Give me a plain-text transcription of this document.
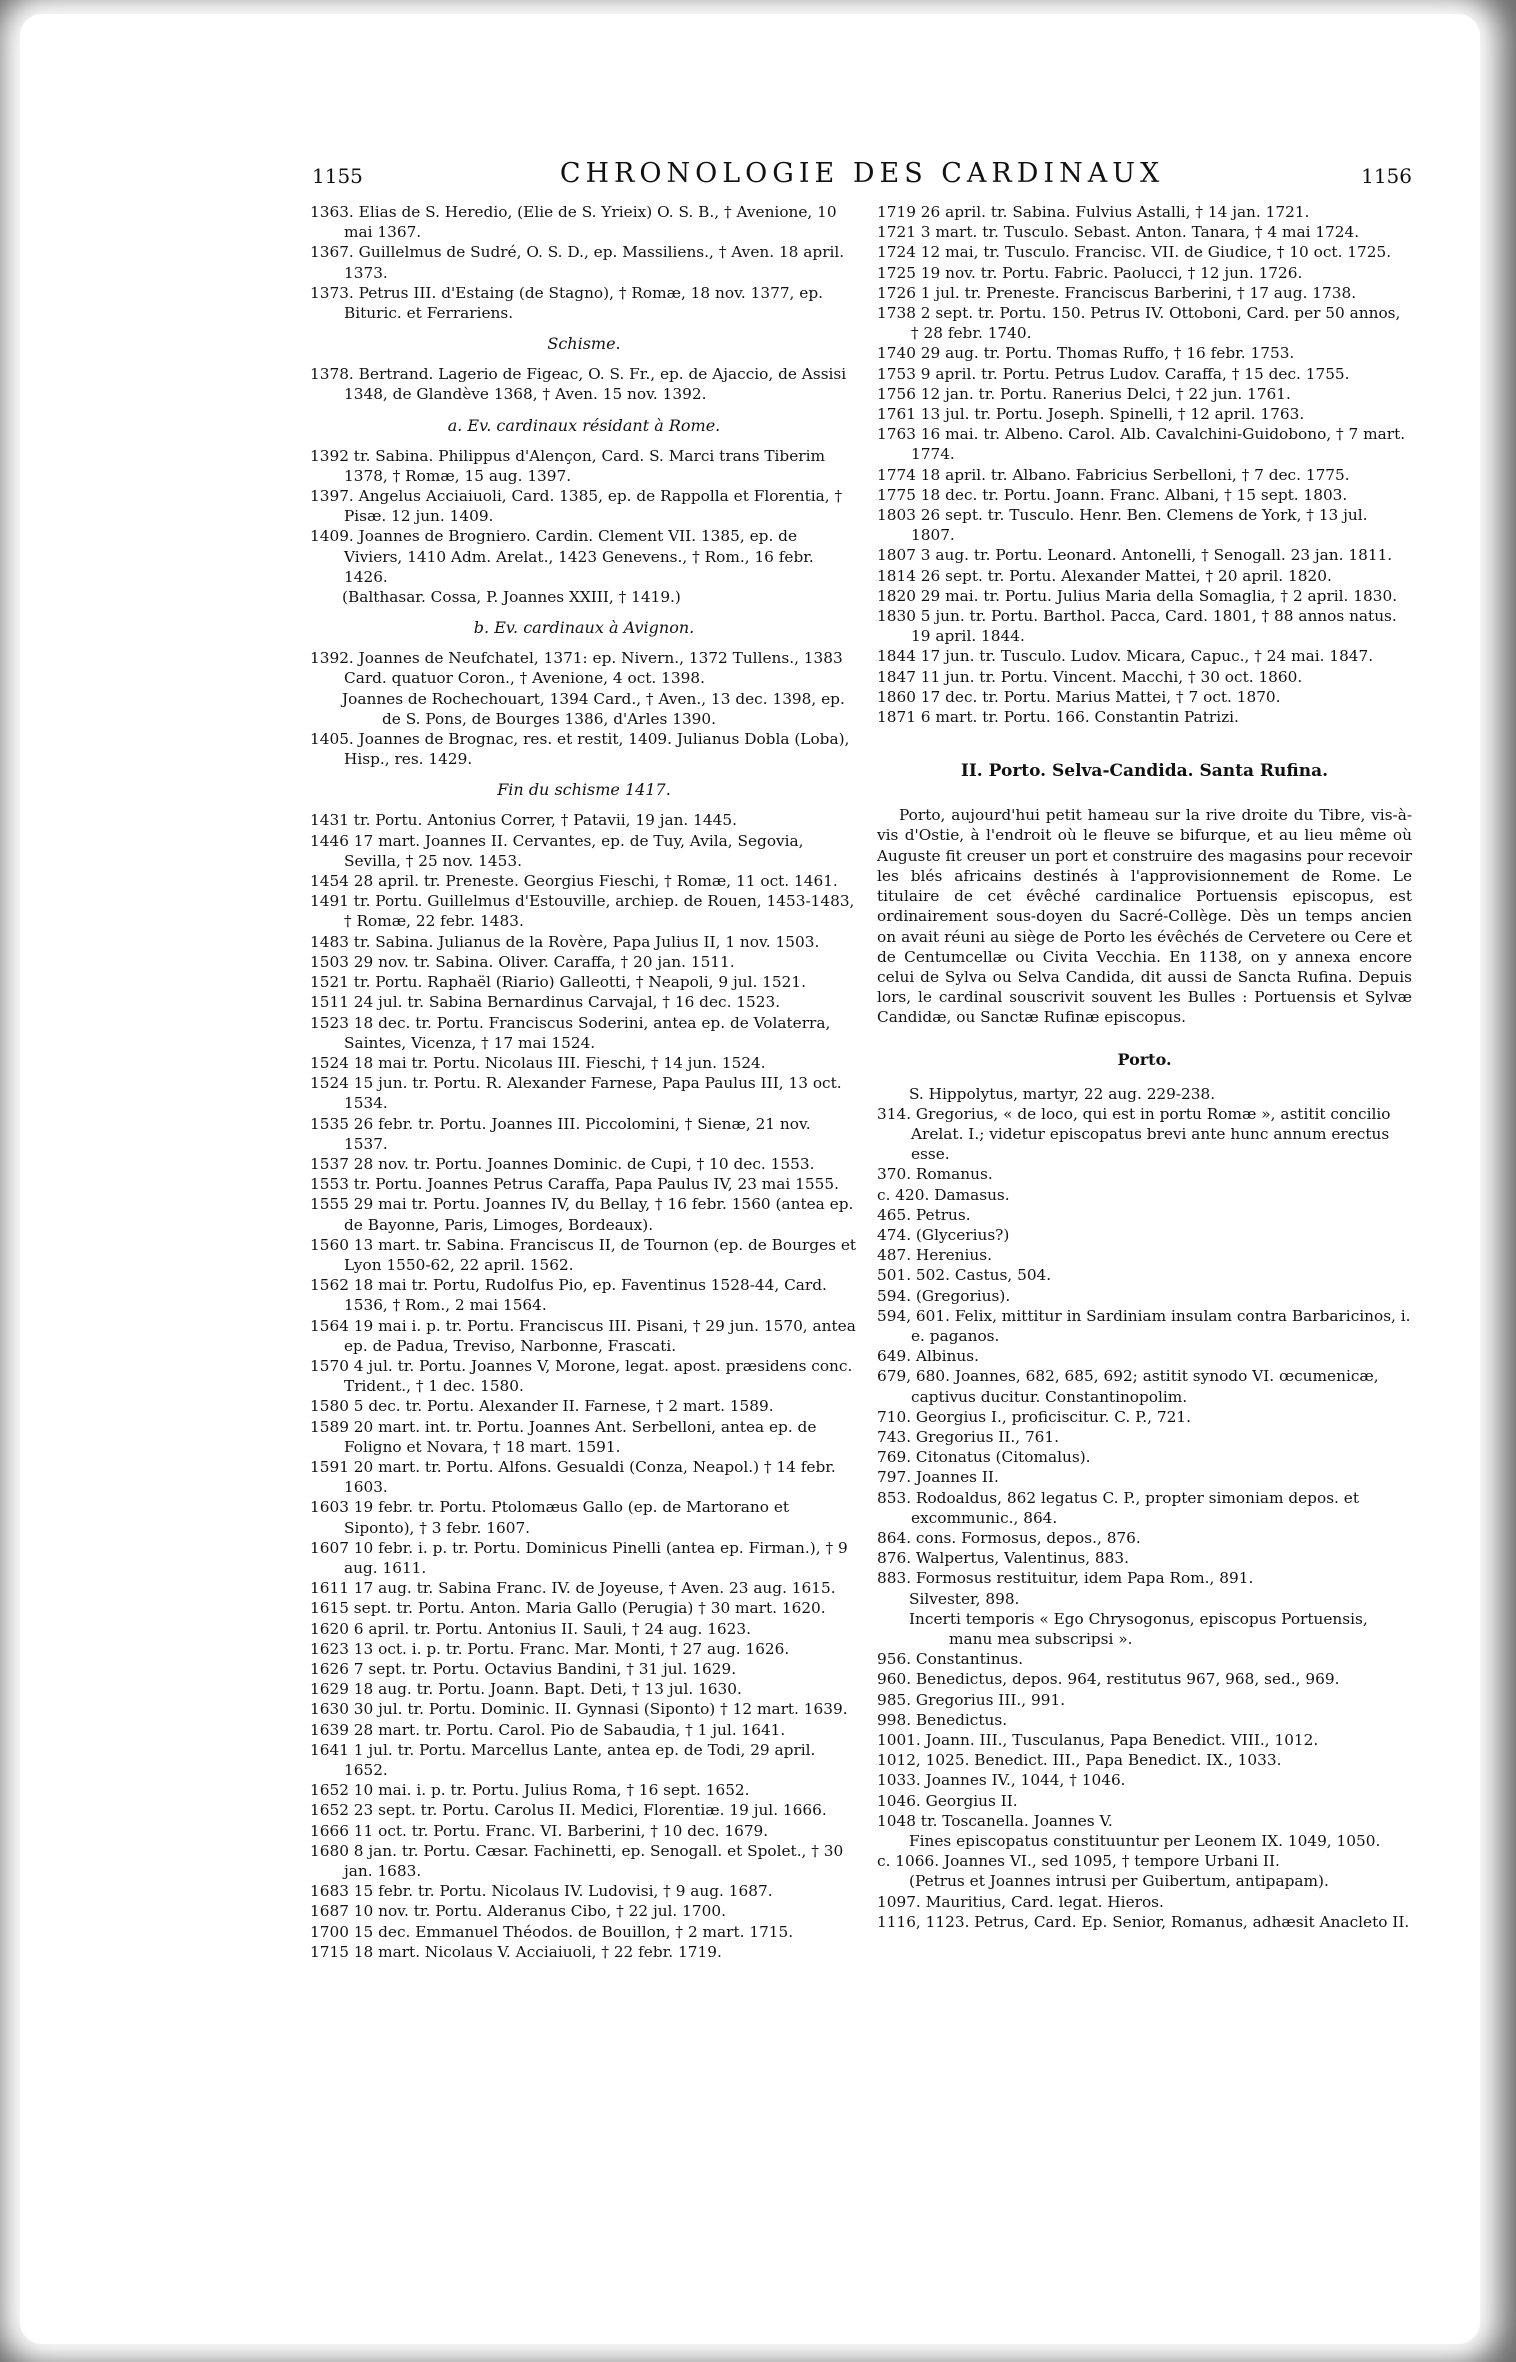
1155	CHRONOLOGIE DES CARDINAUX	1156

1363. Elias de S. Heredio, (Elie de S. Yrieix) O. S. B., † Avenione, 10 mai 1367.

1367. Guillelmus de Sudré, O. S. D., ep. Massiliens., † Aven. 18 april. 1373.

1373. Petrus III. d'Estaing (de Stagno), † Romæ, 18 nov. 1377, ep. Bituric. et Ferrariens.

Schisme.

1378. Bertrand. Lagerio de Figeac, O. S. Fr., ep. de Ajaccio, de Assisi 1348, de Glandève 1368, † Aven. 15 nov. 1392.

a. Ev. cardinaux résidant à Rome.

1392 tr. Sabina. Philippus d'Alençon, Card. S. Marci trans Tiberim 1378, † Romæ, 15 aug. 1397.

1397. Angelus Acciaiuoli, Card. 1385, ep. de Rappolla et Florentia, † Pisæ. 12 jun. 1409.

1409. Joannes de Brogniero. Cardin. Clement VII. 1385, ep. de Viviers, 1410 Adm. Arelat., 1423 Genevens., † Rom., 16 febr. 1426.

(Balthasar. Cossa, P. Joannes XXIII, † 1419.)

b. Ev. cardinaux à Avignon.

1392. Joannes de Neufchatel, 1371: ep. Nivern., 1372 Tullens., 1383 Card. quatuor Coron., † Avenione, 4 oct. 1398.

Joannes de Rochechouart, 1394 Card., † Aven., 13 dec. 1398, ep. de S. Pons, de Bourges 1386, d'Arles 1390.

1405. Joannes de Brognac, res. et restit, 1409. Julianus Dobla (Loba), Hisp., res. 1429.

Fin du schisme 1417.

1431 tr. Portu. Antonius Correr, † Patavii, 19 jan. 1445.

1446 17 mart. Joannes II. Cervantes, ep. de Tuy, Avila, Segovia, Sevilla, † 25 nov. 1453.

1454 28 april. tr. Preneste. Georgius Fieschi, † Romæ, 11 oct. 1461.

1491 tr. Portu. Guillelmus d'Estouville, archiep. de Rouen, 1453-1483, † Romæ, 22 febr. 1483.

1483 tr. Sabina. Julianus de la Rovère, Papa Julius II, 1 nov. 1503.

1503 29 nov. tr. Sabina. Oliver. Caraffa, † 20 jan. 1511.

1521 tr. Portu. Raphaël (Riario) Galleotti, † Neapoli, 9 jul. 1521.

1511 24 jul. tr. Sabina Bernardinus Carvajal, † 16 dec. 1523.

1523 18 dec. tr. Portu. Franciscus Soderini, antea ep. de Volaterra, Saintes, Vicenza, † 17 mai 1524.

1524 18 mai tr. Portu. Nicolaus III. Fieschi, † 14 jun. 1524.

1524 15 jun. tr. Portu. R. Alexander Farnese, Papa Paulus III, 13 oct. 1534.

1535 26 febr. tr. Portu. Joannes III. Piccolomini, † Sienæ, 21 nov. 1537.

1537 28 nov. tr. Portu. Joannes Dominic. de Cupi, † 10 dec. 1553.

1553 tr. Portu. Joannes Petrus Caraffa, Papa Paulus IV, 23 mai 1555.

1555 29 mai tr. Portu. Joannes IV, du Bellay, † 16 febr. 1560 (antea ep. de Bayonne, Paris, Limoges, Bordeaux).

1560 13 mart. tr. Sabina. Franciscus II, de Tournon (ep. de Bourges et Lyon 1550-62, 22 april. 1562.

1562 18 mai tr. Portu, Rudolfus Pio, ep. Faventinus 1528-44, Card. 1536, † Rom., 2 mai 1564.

1564 19 mai i. p. tr. Portu. Franciscus III. Pisani, † 29 jun. 1570, antea ep. de Padua, Treviso, Narbonne, Frascati.

1570 4 jul. tr. Portu. Joannes V, Morone, legat. apost. præsidens conc. Trident., † 1 dec. 1580.

1580 5 dec. tr. Portu. Alexander II. Farnese, † 2 mart. 1589.

1589 20 mart. int. tr. Portu. Joannes Ant. Serbelloni, antea ep. de Foligno et Novara, † 18 mart. 1591.

1591 20 mart. tr. Portu. Alfons. Gesualdi (Conza, Neapol.) † 14 febr. 1603.

1603 19 febr. tr. Portu. Ptolomæus Gallo (ep. de Martorano et Siponto), † 3 febr. 1607.

1607 10 febr. i. p. tr. Portu. Dominicus Pinelli (antea ep. Firman.), † 9 aug. 1611.

1611 17 aug. tr. Sabina Franc. IV. de Joyeuse, † Aven. 23 aug. 1615.

1615 sept. tr. Portu. Anton. Maria Gallo (Perugia) † 30 mart. 1620.

1620 6 april. tr. Portu. Antonius II. Sauli, † 24 aug. 1623.

1623 13 oct. i. p. tr. Portu. Franc. Mar. Monti, † 27 aug. 1626.

1626 7 sept. tr. Portu. Octavius Bandini, † 31 jul. 1629.

1629 18 aug. tr. Portu. Joann. Bapt. Deti, † 13 jul. 1630.

1630 30 jul. tr. Portu. Dominic. II. Gynnasi (Siponto) † 12 mart. 1639.

1639 28 mart. tr. Portu. Carol. Pio de Sabaudia, † 1 jul. 1641.

1641 1 jul. tr. Portu. Marcellus Lante, antea ep. de Todi, 29 april. 1652.

1652 10 mai. i. p. tr. Portu. Julius Roma, † 16 sept. 1652.

1652 23 sept. tr. Portu. Carolus II. Medici, Florentiæ. 19 jul. 1666.

1666 11 oct. tr. Portu. Franc. VI. Barberini, † 10 dec. 1679.

1680 8 jan. tr. Portu. Cæsar. Fachinetti, ep. Senogall. et Spolet., † 30 jan. 1683.

1683 15 febr. tr. Portu. Nicolaus IV. Ludovisi, † 9 aug. 1687.

1687 10 nov. tr. Portu. Alderanus Cibo, † 22 jul. 1700.

1700 15 dec. Emmanuel Théodos. de Bouillon, † 2 mart. 1715.

1715 18 mart. Nicolaus V. Acciaiuoli, † 22 febr. 1719.

1719 26 april. tr. Sabina. Fulvius Astalli, † 14 jan. 1721.

1721 3 mart. tr. Tusculo. Sebast. Anton. Tanara, † 4 mai 1724.

1724 12 mai, tr. Tusculo. Francisc. VII. de Giudice, † 10 oct. 1725.

1725 19 nov. tr. Portu. Fabric. Paolucci, † 12 jun. 1726.

1726 1 jul. tr. Preneste. Franciscus Barberini, † 17 aug. 1738.

1738 2 sept. tr. Portu. 150. Petrus IV. Ottoboni, Card. per 50 annos, † 28 febr. 1740.

1740 29 aug. tr. Portu. Thomas Ruffo, † 16 febr. 1753.

1753 9 april. tr. Portu. Petrus Ludov. Caraffa, † 15 dec. 1755.

1756 12 jan. tr. Portu. Ranerius Delci, † 22 jun. 1761.

1761 13 jul. tr. Portu. Joseph. Spinelli, † 12 april. 1763.

1763 16 mai. tr. Albeno. Carol. Alb. Cavalchini-Guidobono, † 7 mart. 1774.

1774 18 april. tr. Albano. Fabricius Serbelloni, † 7 dec. 1775.

1775 18 dec. tr. Portu. Joann. Franc. Albani, † 15 sept. 1803.

1803 26 sept. tr. Tusculo. Henr. Ben. Clemens de York, † 13 jul. 1807.

1807 3 aug. tr. Portu. Leonard. Antonelli, † Senogall. 23 jan. 1811.

1814 26 sept. tr. Portu. Alexander Mattei, † 20 april. 1820.

1820 29 mai. tr. Portu. Julius Maria della Somaglia, † 2 april. 1830.

1830 5 jun. tr. Portu. Barthol. Pacca, Card. 1801, † 88 annos natus. 19 april. 1844.

1844 17 jun. tr. Tusculo. Ludov. Micara, Capuc., † 24 mai. 1847.

1847 11 jun. tr. Portu. Vincent. Macchi, † 30 oct. 1860.

1860 17 dec. tr. Portu. Marius Mattei, † 7 oct. 1870.

1871 6 mart. tr. Portu. 166. Constantin Patrizi.

II. Porto. Selva-Candida. Santa Rufina.

Porto, aujourd'hui petit hameau sur la rive droite du Tibre, vis-à-vis d'Ostie, à l'endroit où le fleuve se bifurque, et au lieu même où Auguste fit creuser un port et construire des magasins pour recevoir les blés africains destinés à l'approvisionnement de Rome. Le titulaire de cet évêché cardinalice Portuensis episcopus, est ordinairement sous-doyen du Sacré-Collège. Dès un temps ancien on avait réuni au siège de Porto les évêchés de Cervetere ou Cere et de Centumcellæ ou Civita Vecchia. En 1138, on y annexa encore celui de Sylva ou Selva Candida, dit aussi de Sancta Rufina. Depuis lors, le cardinal souscrivit souvent les Bulles : Portuensis et Sylvæ Candidæ, ou Sanctæ Rufinæ episcopus.

Porto.

S. Hippolytus, martyr, 22 aug. 229-238.

314. Gregorius, « de loco, qui est in portu Romæ », astitit concilio Arelat. I.; videtur episcopatus brevi ante hunc annum erectus esse.

370. Romanus.

c. 420. Damasus.

465. Petrus.

474. (Glycerius?)

487. Herenius.

501. 502. Castus, 504.

594. (Gregorius).

594, 601. Felix, mittitur in Sardiniam insulam contra Barbaricinos, i. e. paganos.

649. Albinus.

679, 680. Joannes, 682, 685, 692; astitit synodo VI. œcumenicæ, captivus ducitur. Constantinopolim.

710. Georgius I., proficiscitur. C. P., 721.

743. Gregorius II., 761.

769. Citonatus (Citomalus).

797. Joannes II.

853. Rodoaldus, 862 legatus C. P., propter simoniam depos. et excommunic., 864.

864. cons. Formosus, depos., 876.

876. Walpertus, Valentinus, 883.

883. Formosus restituitur, idem Papa Rom., 891.

Silvester, 898.

Incerti temporis « Ego Chrysogonus, episcopus Portuensis, manu mea subscripsi ».

956. Constantinus.

960. Benedictus, depos. 964, restitutus 967, 968, sed., 969.

985. Gregorius III., 991.

998. Benedictus.

1001. Joann. III., Tusculanus, Papa Benedict. VIII., 1012.

1012, 1025. Benedict. III., Papa Benedict. IX., 1033.

1033. Joannes IV., 1044, † 1046.

1046. Georgius II.

1048 tr. Toscanella. Joannes V.

Fines episcopatus constituuntur per Leonem IX. 1049, 1050.

c. 1066. Joannes VI., sed 1095, † tempore Urbani II.

(Petrus et Joannes intrusi per Guibertum, antipapam).

1097. Mauritius, Card. legat. Hieros.

1116, 1123. Petrus, Card. Ep. Senior, Romanus, adhæsit Anacleto II.
